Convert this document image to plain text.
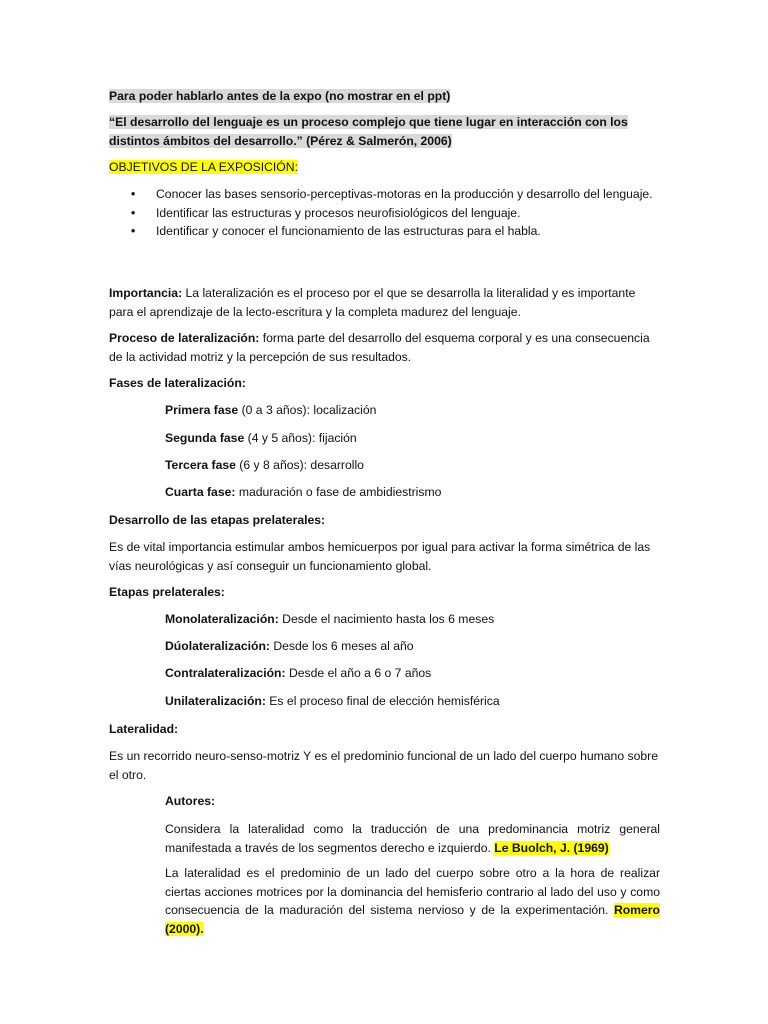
Para poder hablarlo antes de la expo (no mostrar en el ppt)
“El desarrollo del lenguaje es un proceso complejo que tiene lugar en interacción con los
distintos ámbitos del desarrollo.” (Pérez & Salmerón, 2006)
OBJETIVOS DE LA EXPOSICIÓN:
• Conocer las bases sensorio-perceptivas-motoras en la producción y desarrollo del lenguaje.
• Identificar las estructuras y procesos neurofisiológicos del lenguaje.
• Identificar y conocer el funcionamiento de las estructuras para el habla.
Importancia: La lateralización es el proceso por el que se desarrolla la literalidad y es importante para el aprendizaje de la lecto-escritura y la completa madurez del lenguaje.
Proceso de lateralización: forma parte del desarrollo del esquema corporal y es una consecuencia de la actividad motriz y la percepción de sus resultados.
Fases de lateralización:
Primera fase (0 a 3 años): localización
Segunda fase (4 y 5 años): fijación
Tercera fase (6 y 8 años): desarrollo
Cuarta fase: maduración o fase de ambidiestrismo
Desarrollo de las etapas prelaterales:
Es de vital importancia estimular ambos hemicuerpos por igual para activar la forma simétrica de las vías neurológicas y así conseguir un funcionamiento global.
Etapas prelaterales:
Monolateralización: Desde el nacimiento hasta los 6 meses
Dúolateralización: Desde los 6 meses al año
Contralateralización: Desde el año a 6 o 7 años
Unilateralización: Es el proceso final de elección hemisférica
Lateralidad:
Es un recorrido neuro-senso-motriz Y es el predominio funcional de un lado del cuerpo humano sobre el otro.
Autores:
Considera la lateralidad como la traducción de una predominancia motriz general manifestada a través de los segmentos derecho e izquierdo. Le Buolch, J. (1969)
La lateralidad es el predominio de un lado del cuerpo sobre otro a la hora de realizar ciertas acciones motrices por la dominancia del hemisferio contrario al lado del uso y como consecuencia de la maduración del sistema nervioso y de la experimentación. Romero (2000).
